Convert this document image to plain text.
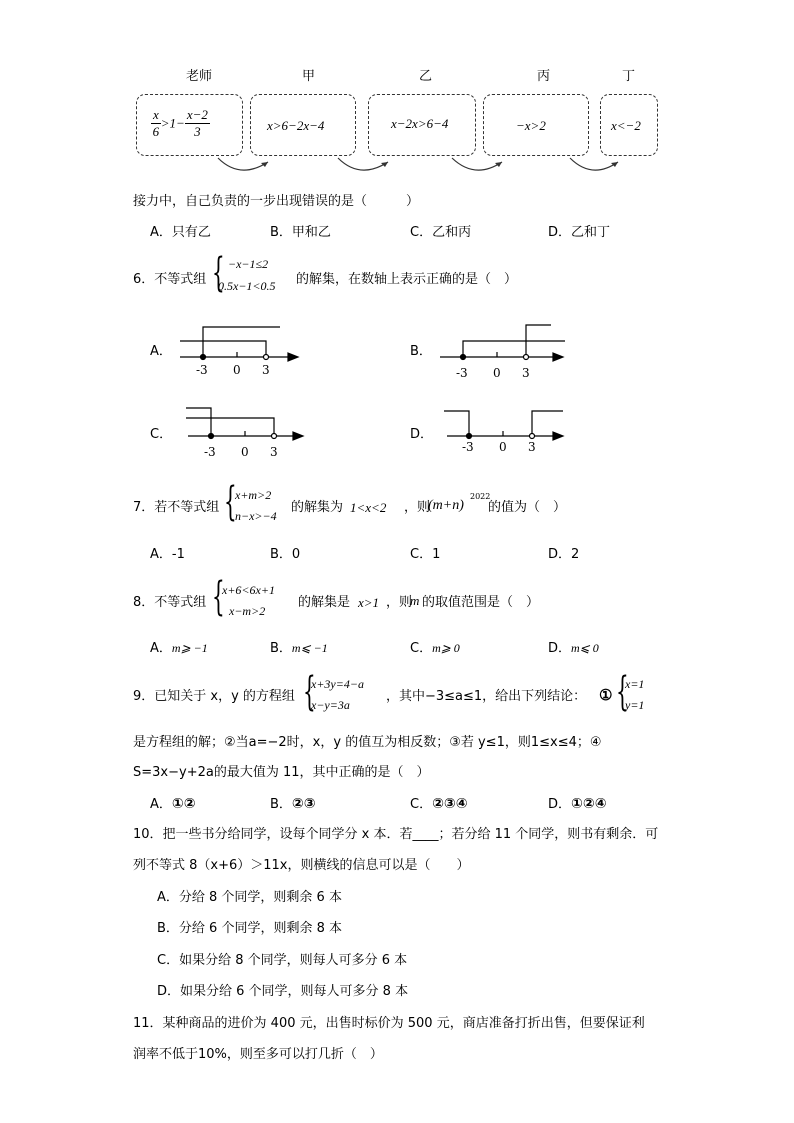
老师	甲	乙	丙	丁
$\frac{x}{6} >1- \frac{x-2}{3}$	x>6−2x−4	x−2x>6−4	−x>2	x<−2
接力中，自己负责的一步出现错误的是（　　　）
A．只有乙	B．甲和乙	C．乙和丙	D．乙和丁
6．不等式组 { −x−1≤2
0.5x−1<0.5 的解集，在数轴上表示正确的是（　）
A．	B．
C．	D．
-3 0 3	-3 0 3
-3 0 3	-3 0 3
7．若不等式组 {
x+m>2
n−x>−4
的解集为 1<x<2 ，则
(m+n)
2022
的值为（　）
A．-1	B．0	C．1	D．2
8．不等式组 {
x+6<6x+1
x−m>2
的解集是 x>1 ，则
m 的取值范围是（　）
A．m⩾ −1	B．m⩽ −1	C．m⩾ 0	D．m⩽ 0
9．已知关于 x，y 的方程组 {
x+3y=4−a
x−y=3a
，其中−3≤a≤1，给出下列结论： ① {
x=1
y=1
是方程组的解；②当a=−2时，x，y 的值互为相反数；③若 y≤1，则1≤x≤4；④
S=3x−y+2a的最大值为 11，其中正确的是（　）
A．①②	B．②③	C．②③④	D．①②④
10．把一些书分给同学，设每个同学分 x 本．若____；若分给 11 个同学，则书有剩余．可
列不等式 8（x+6）＞11x，则横线的信息可以是（　　）
A．分给 8 个同学，则剩余 6 本
B．分给 6 个同学，则剩余 8 本
C．如果分给 8 个同学，则每人可多分 6 本
D．如果分给 6 个同学，则每人可多分 8 本
11．某种商品的进价为 400 元，出售时标价为 500 元，商店准备打折出售，但要保证利
润率不低于10%，则至多可以打几折（　）
